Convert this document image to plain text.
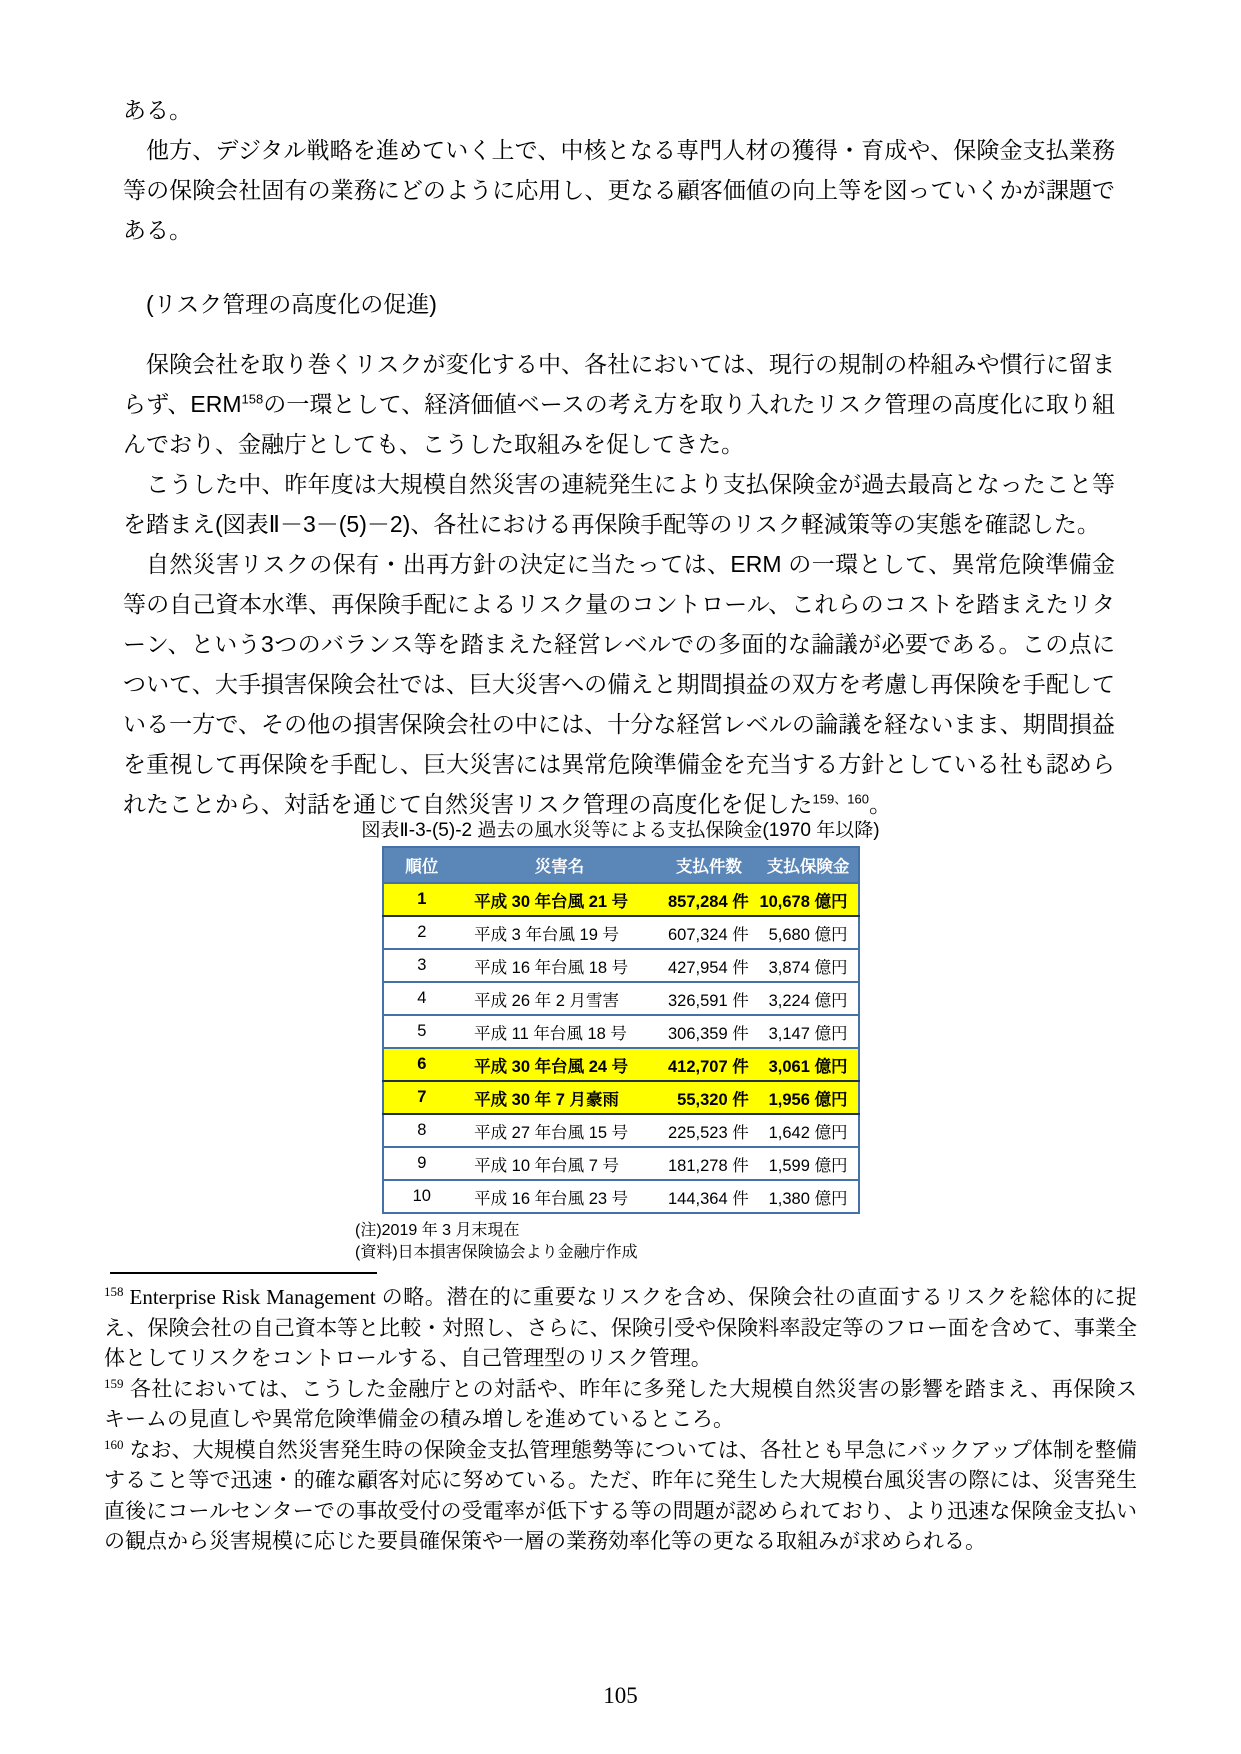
ある。

他方、デジタル戦略を進めていく上で、中核となる専門人材の獲得・育成や、保険金支払業務等の保険会社固有の業務にどのように応用し、更なる顧客価値の向上等を図っていくかが課題である。

(リスク管理の高度化の促進)

保険会社を取り巻くリスクが変化する中、各社においては、現行の規制の枠組みや慣行に留まらず、ERM$^{158}$の一環として、経済価値ベースの考え方を取り入れたリスク管理の高度化に取り組んでおり、金融庁としても、こうした取組みを促してきた。

こうした中、昨年度は大規模自然災害の連続発生により支払保険金が過去最高となったこと等を踏まえ(図表Ⅱ－3－(5)－2)、各社における再保険手配等のリスク軽減策等の実態を確認した。

自然災害リスクの保有・出再方針の決定に当たっては、ERM の一環として、異常危険準備金等の自己資本水準、再保険手配によるリスク量のコントロール、これらのコストを踏まえたリターン、という3つのバランス等を踏まえた経営レベルでの多面的な論議が必要である。この点について、大手損害保険会社では、巨大災害への備えと期間損益の双方を考慮し再保険を手配している一方で、その他の損害保険会社の中には、十分な経営レベルの論議を経ないまま、期間損益を重視して再保険を手配し、巨大災害には異常危険準備金を充当する方針としている社も認められたことから、対話を通じて自然災害リスク管理の高度化を促した$^{159、160}$。

図表Ⅱ-3-(5)-2 過去の風水災等による支払保険金(1970 年以降)
順位	災害名	支払件数	支払保険金
1	平成 30 年台風 21 号	857,284 件	10,678 億円
2	平成 3 年台風 19 号	607,324 件	5,680 億円
3	平成 16 年台風 18 号	427,954 件	3,874 億円
4	平成 26 年 2 月雪害	326,591 件	3,224 億円
5	平成 11 年台風 18 号	306,359 件	3,147 億円
6	平成 30 年台風 24 号	412,707 件	3,061 億円
7	平成 30 年 7 月豪雨	55,320 件	1,956 億円
8	平成 27 年台風 15 号	225,523 件	1,642 億円
9	平成 10 年台風 7 号	181,278 件	1,599 億円
10	平成 16 年台風 23 号	144,364 件	1,380 億円
(注)2019 年 3 月末現在
(資料)日本損害保険協会より金融庁作成
$^{158}$ Enterprise Risk Management の略。潜在的に重要なリスクを含め、保険会社の直面するリスクを総体的に捉え、保険会社の自己資本等と比較・対照し、さらに、保険引受や保険料率設定等のフロー面を含めて、事業全体としてリスクをコントロールする、自己管理型のリスク管理。
$^{159}$ 各社においては、こうした金融庁との対話や、昨年に多発した大規模自然災害の影響を踏まえ、再保険スキームの見直しや異常危険準備金の積み増しを進めているところ。
$^{160}$ なお、大規模自然災害発生時の保険金支払管理態勢等については、各社とも早急にバックアップ体制を整備すること等で迅速・的確な顧客対応に努めている。ただ、昨年に発生した大規模台風災害の際には、災害発生直後にコールセンターでの事故受付の受電率が低下する等の問題が認められており、より迅速な保険金支払いの観点から災害規模に応じた要員確保策や一層の業務効率化等の更なる取組みが求められる。
105
